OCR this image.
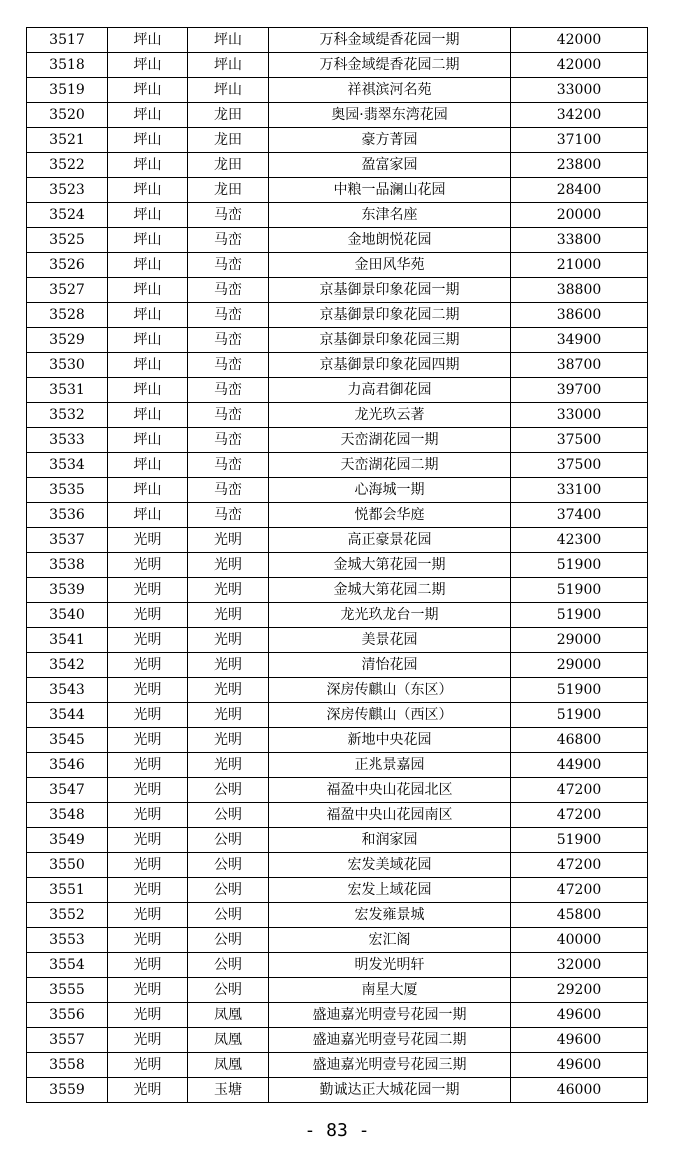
3517	坪山	坪山	万科金域缇香花园一期	42000
3518	坪山	坪山	万科金域缇香花园二期	42000
3519	坪山	坪山	祥祺滨河名苑	33000
3520	坪山	龙田	奥园·翡翠东湾花园	34200
3521	坪山	龙田	豪方菁园	37100
3522	坪山	龙田	盈富家园	23800
3523	坪山	龙田	中粮一品澜山花园	28400
3524	坪山	马峦	东津名座	20000
3525	坪山	马峦	金地朗悦花园	33800
3526	坪山	马峦	金田风华苑	21000
3527	坪山	马峦	京基御景印象花园一期	38800
3528	坪山	马峦	京基御景印象花园二期	38600
3529	坪山	马峦	京基御景印象花园三期	34900
3530	坪山	马峦	京基御景印象花园四期	38700
3531	坪山	马峦	力高君御花园	39700
3532	坪山	马峦	龙光玖云著	33000
3533	坪山	马峦	天峦湖花园一期	37500
3534	坪山	马峦	天峦湖花园二期	37500
3535	坪山	马峦	心海城一期	33100
3536	坪山	马峦	悦都会华庭	37400
3537	光明	光明	高正豪景花园	42300
3538	光明	光明	金城大第花园一期	51900
3539	光明	光明	金城大第花园二期	51900
3540	光明	光明	龙光玖龙台一期	51900
3541	光明	光明	美景花园	29000
3542	光明	光明	清怡花园	29000
3543	光明	光明	深房传麒山（东区）	51900
3544	光明	光明	深房传麒山（西区）	51900
3545	光明	光明	新地中央花园	46800
3546	光明	光明	正兆景嘉园	44900
3547	光明	公明	福盈中央山花园北区	47200
3548	光明	公明	福盈中央山花园南区	47200
3549	光明	公明	和润家园	51900
3550	光明	公明	宏发美域花园	47200
3551	光明	公明	宏发上域花园	47200
3552	光明	公明	宏发雍景城	45800
3553	光明	公明	宏汇阁	40000
3554	光明	公明	明发光明轩	32000
3555	光明	公明	南星大厦	29200
3556	光明	凤凰	盛迪嘉光明壹号花园一期	49600
3557	光明	凤凰	盛迪嘉光明壹号花园二期	49600
3558	光明	凤凰	盛迪嘉光明壹号花园三期	49600
3559	光明	玉塘	勤诚达正大城花园一期	46000
- 83 -
